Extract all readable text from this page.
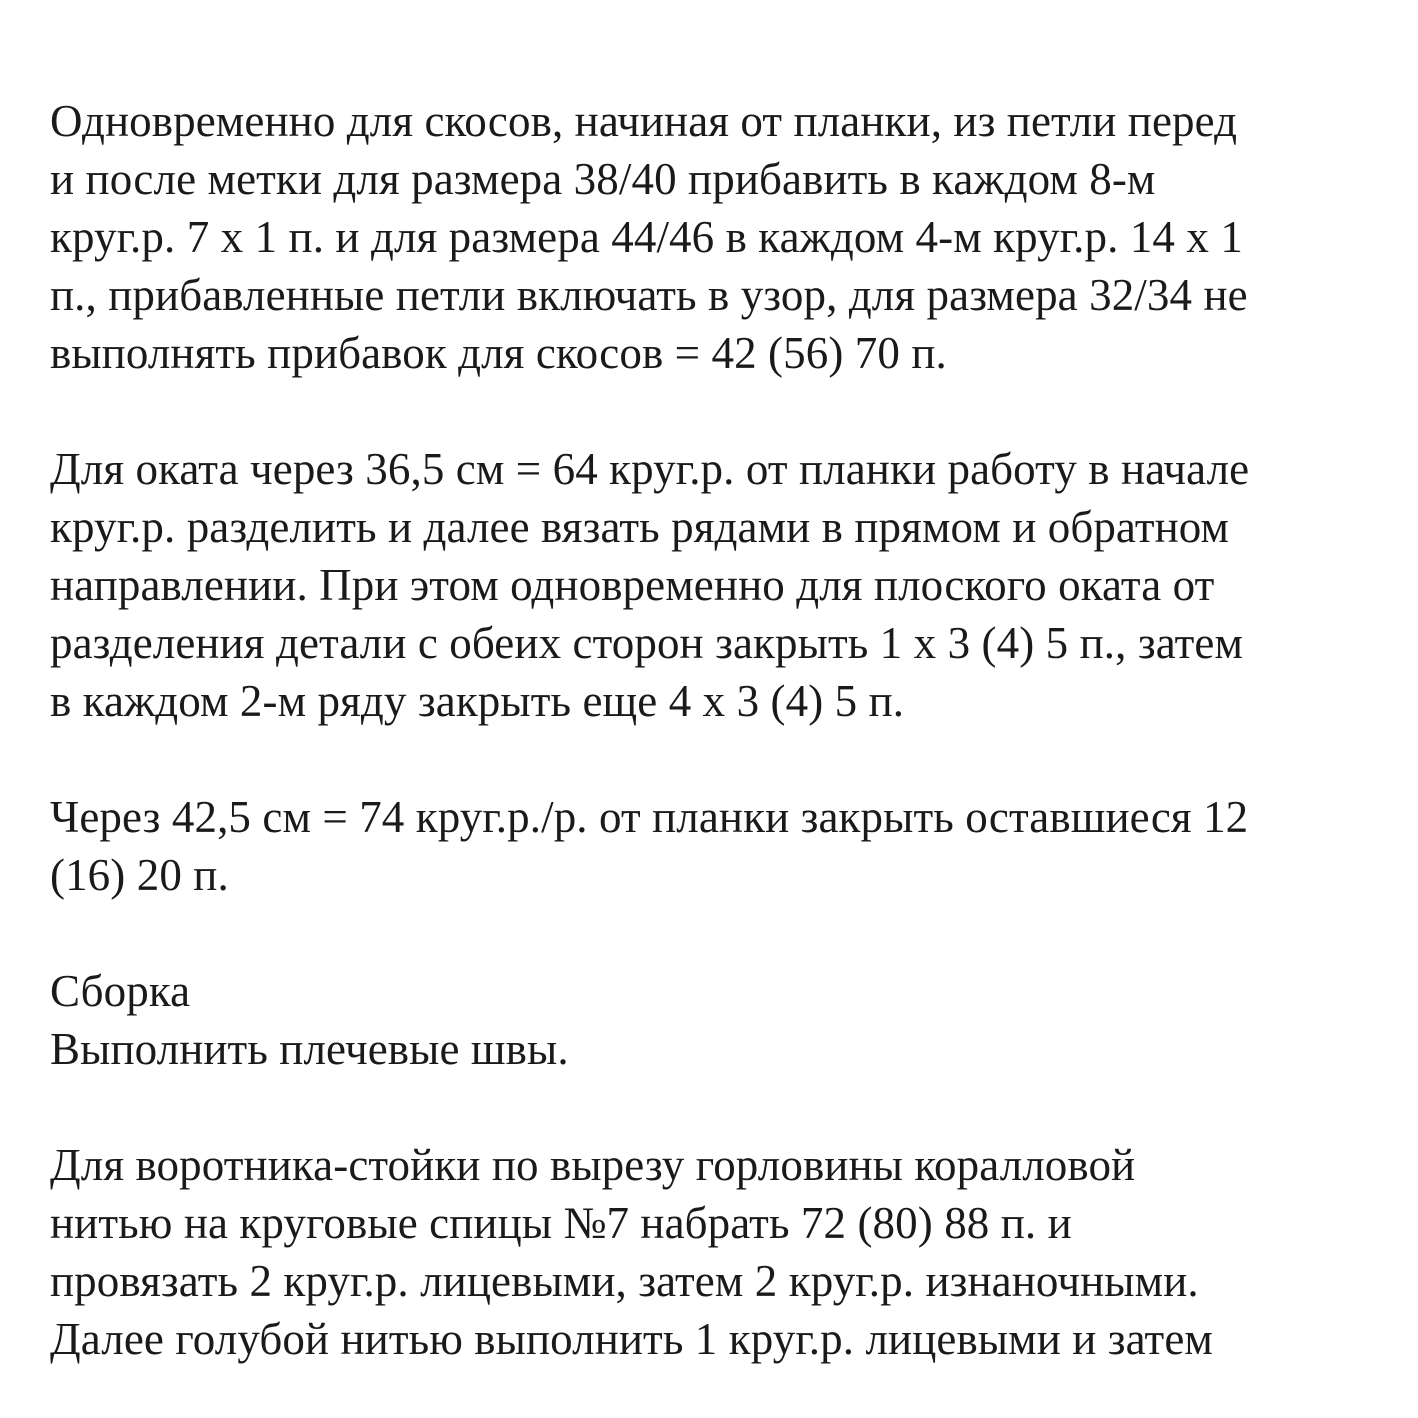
Одновременно для скосов, начиная от планки, из петли перед
и после метки для размера 38/40 прибавить в каждом 8-м
круг.р. 7 х 1 п. и для размера 44/46 в каждом 4-м круг.р. 14 х 1
п., прибавленные петли включать в узор, для размера 32/34 не
выполнять прибавок для скосов = 42 (56) 70 п.
Для оката через 36,5 см = 64 круг.р. от планки работу в начале
круг.р. разделить и далее вязать рядами в прямом и обратном
направлении. При этом одновременно для плоского оката от
разделения детали с обеих сторон закрыть 1 х 3 (4) 5 п., затем
в каждом 2-м ряду закрыть еще 4 х 3 (4) 5 п.
Через 42,5 см = 74 круг.р./р. от планки закрыть оставшиеся 12
(16) 20 п.
Сборка
Выполнить плечевые швы.
Для воротника-стойки по вырезу горловины коралловой
нитью на круговые спицы №7 набрать 72 (80) 88 п. и
провязать 2 круг.р. лицевыми, затем 2 круг.р. изнаночными.
Далее голубой нитью выполнить 1 круг.р. лицевыми и затем
